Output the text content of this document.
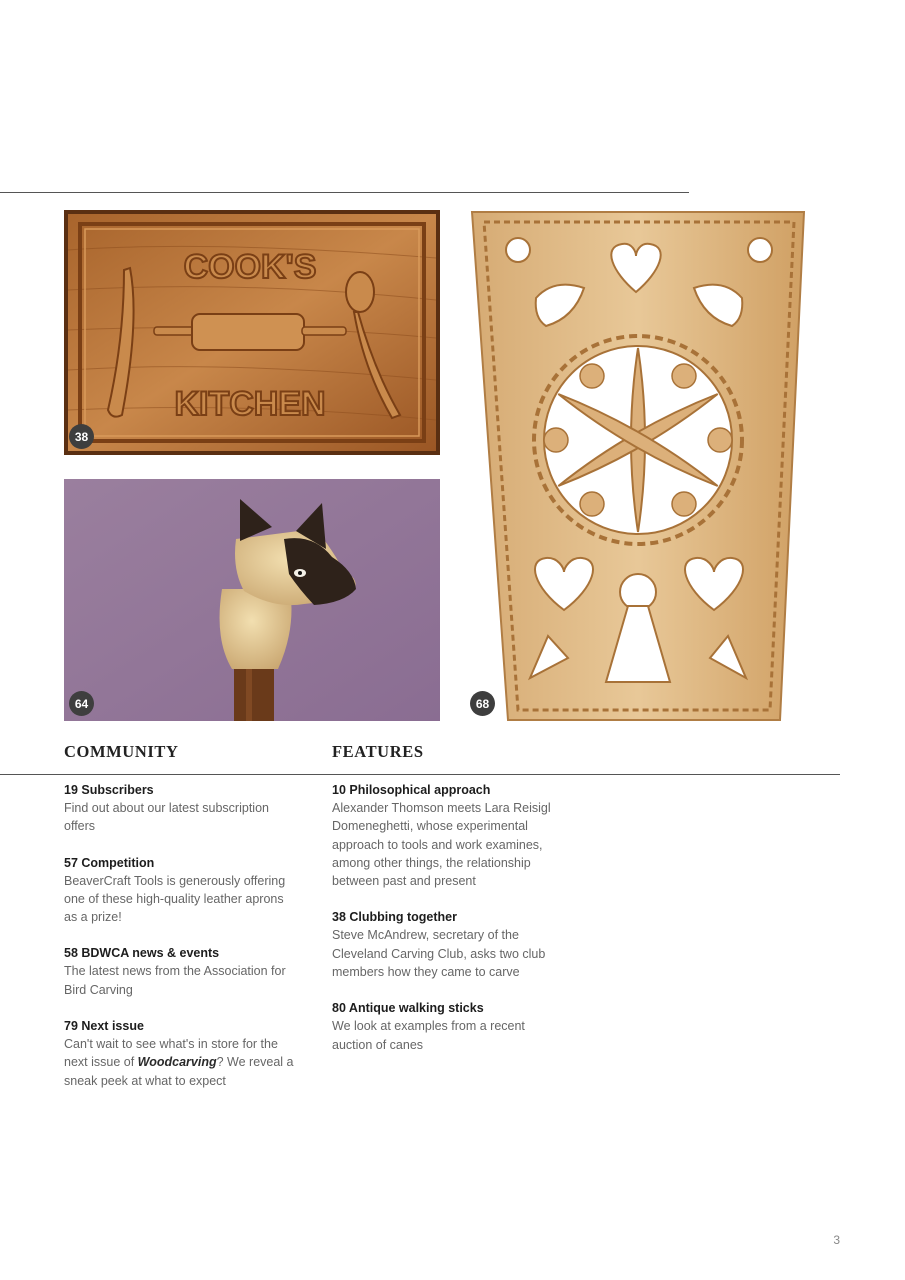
COOK'S
KITCHEN
38
64	68
COMMUNITY	FEATURES
19 Subscribers
Find out about our latest subscription offers
57 Competition
BeaverCraft Tools is generously offering one of these high-quality leather aprons as a prize!
58 BDWCA news & events
The latest news from the Association for Bird Carving
79 Next issue
Can't wait to see what's in store for the next issue of Woodcarving? We reveal a sneak peek at what to expect
10 Philosophical approach
Alexander Thomson meets Lara Reisigl Domeneghetti, whose experimental approach to tools and work examines, among other things, the relationship between past and present
38 Clubbing together
Steve McAndrew, secretary of the Cleveland Carving Club, asks two club members how they came to carve
80 Antique walking sticks
We look at examples from a recent auction of canes
3
